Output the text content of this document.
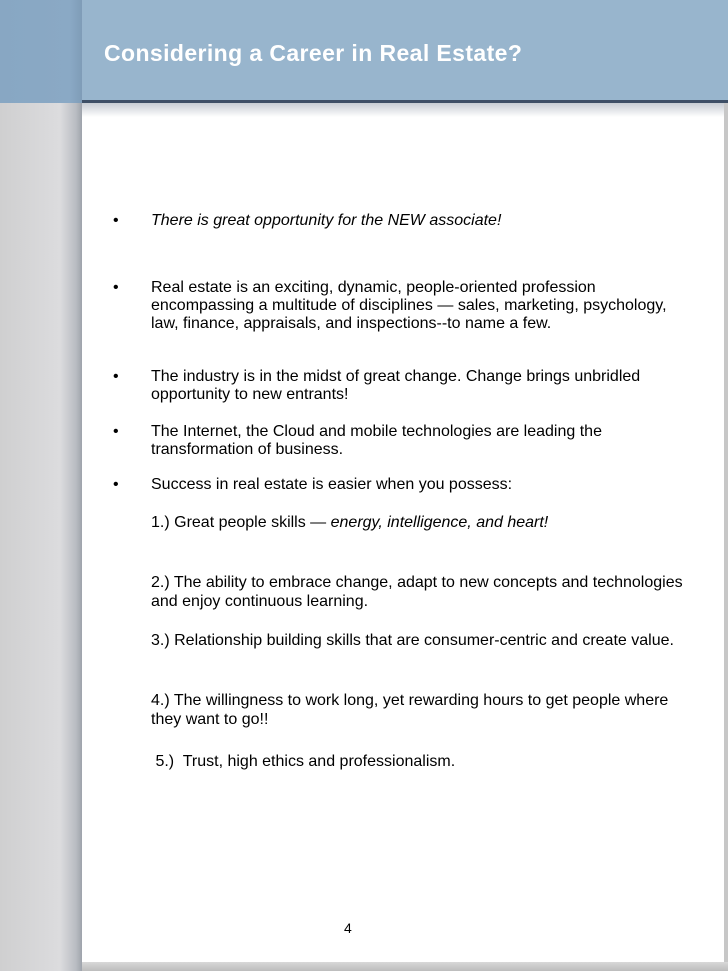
Considering a Career in Real Estate?
• There is great opportunity for the NEW associate!

• Real estate is an exciting, dynamic, people-oriented profession encompassing a multitude of disciplines — sales, marketing, psychology, law, finance, appraisals, and inspections--to name a few.

• The industry is in the midst of great change. Change brings unbridled opportunity to new entrants!

• The Internet, the Cloud and mobile technologies are leading the transformation of business.

• Success in real estate is easier when you possess:

1.) Great people skills — energy, intelligence, and heart!

2.) The ability to embrace change, adapt to new concepts and technologies and enjoy continuous learning.

3.) Relationship building skills that are consumer-centric and create value.

4.) The willingness to work long, yet rewarding hours to get people where they want to go!!

5.)  Trust, high ethics and professionalism.

4
